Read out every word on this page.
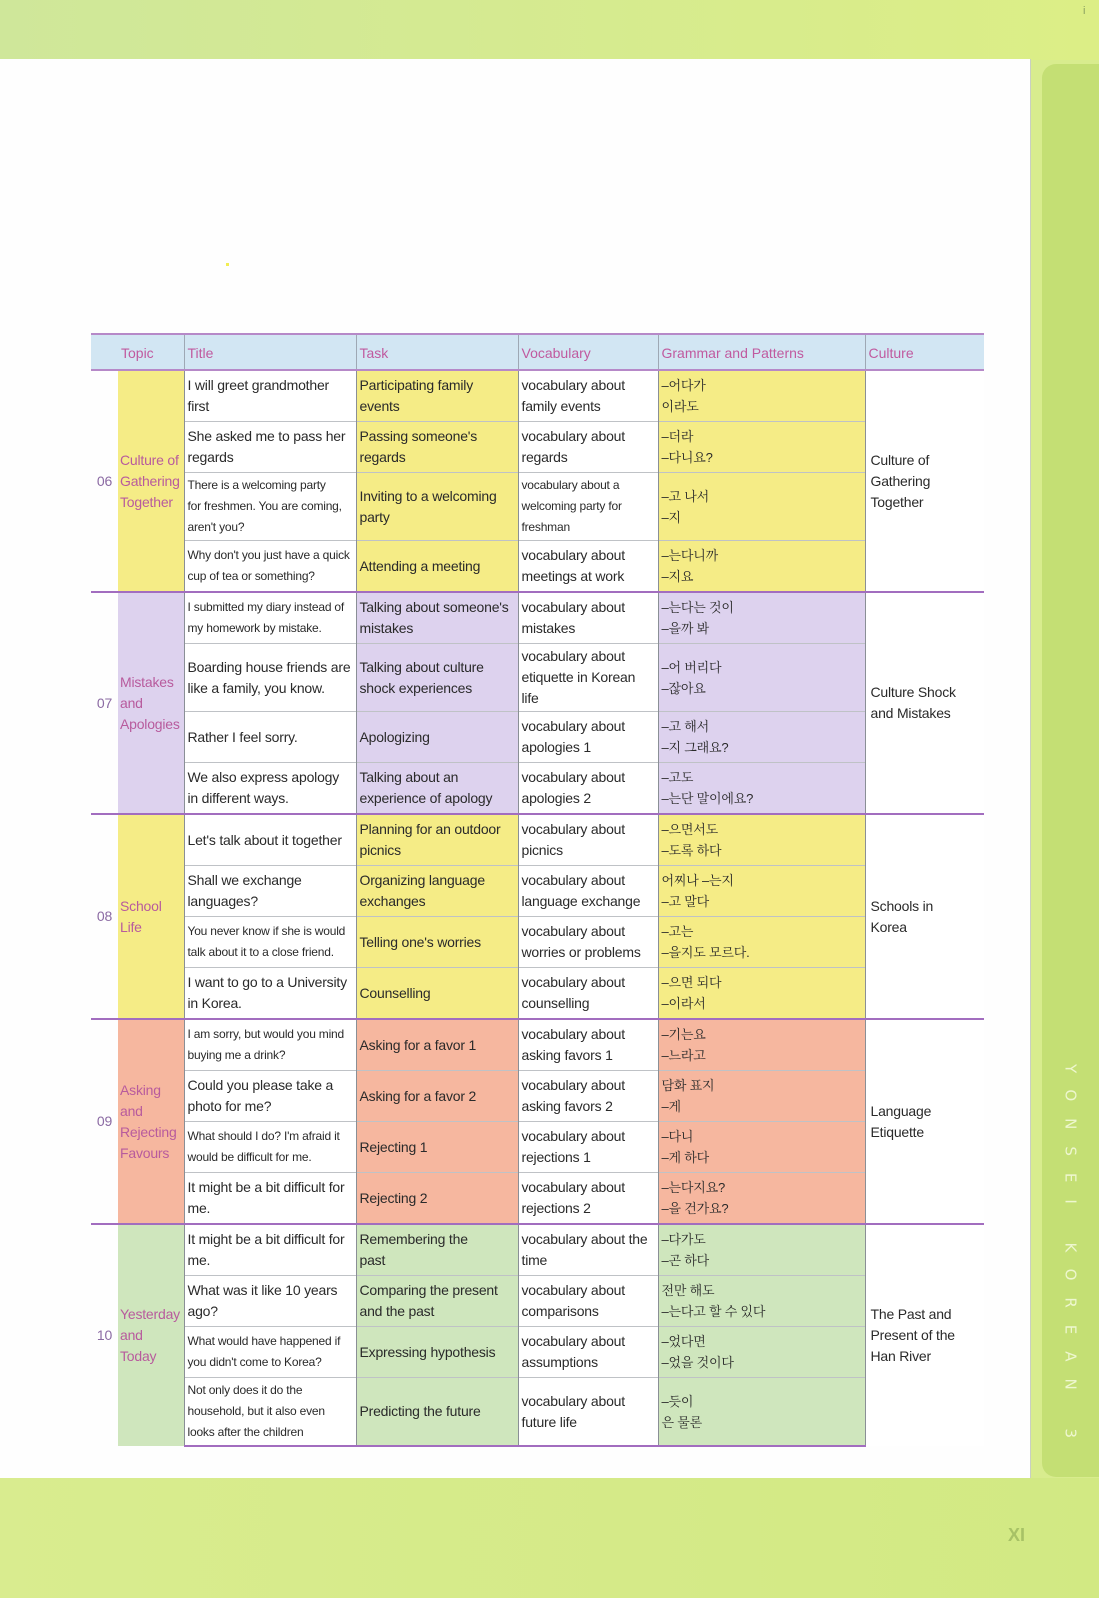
i
YONSEI KOREAN 3
XI
Topic		Title	Task	Vocabulary	Grammar and Patterns	Culture
06	Culture of
Gathering
Together	I will greet grandmother
first	Participating family
events	vocabulary about
family events	–어다가
이라도	Culture of
Gathering
Together
		She asked me to pass her
regards	Passing someone's
regards	vocabulary about
regards	–더라
–다니요?	
		There is a welcoming party
for freshmen. You are coming,
aren't you?	Inviting to a welcoming
party	vocabulary about a
welcoming party for
freshman	–고 나서
–지	
		Why don't you just have a quick
cup of tea or something?	Attending a meeting	vocabulary about
meetings at work	–는다니까
–지요	
07	Mistakes
and
Apologies	I submitted my diary instead of
my homework by mistake.	Talking about someone's
mistakes	vocabulary about
mistakes	–는다는 것이
–을까 봐	Culture Shock
and Mistakes
		Boarding house friends are
like a family, you know.	Talking about culture
shock experiences	vocabulary about
etiquette in Korean life	–어 버리다
–잖아요	
		Rather I feel sorry.	Apologizing	vocabulary about
apologies 1	–고 해서
–지 그래요?	
		We also express apology
in different ways.	Talking about an
experience of apology	vocabulary about
apologies 2	–고도
–는단 말이에요?	
08	School
Life	Let's talk about it together	Planning for an outdoor
picnics	vocabulary about
picnics	–으면서도
–도록 하다	Schools in
Korea
		Shall we exchange
languages?	Organizing language
exchanges	vocabulary about
language exchange	어찌나 –는지
–고 말다	
		You never know if she is would
talk about it to a close friend.	Telling one's worries	vocabulary about
worries or problems	–고는
–을지도 모르다.	
		I want to go to a University
in Korea.	Counselling	vocabulary about
counselling	–으면 되다
–이라서	
09	Asking
and
Rejecting
Favours	I am sorry, but would you mind
buying me a drink?	Asking for a favor 1	vocabulary about
asking favors 1	–기는요
–느라고	Language
Etiquette
		Could you please take a
photo for me?	Asking for a favor 2	vocabulary about
asking favors 2	담화 표지
–게	
		What should I do? I'm afraid it
would be difficult for me.	Rejecting 1	vocabulary about
rejections 1	–다니
–게 하다	
		It might be a bit difficult for
me.	Rejecting 2	vocabulary about
rejections 2	–는다지요?
–을 건가요?	
10	Yesterday
and
Today	It might be a bit difficult for
me.	Remembering the
past	vocabulary about the
time	–다가도
–곤 하다	The Past and
Present of the
Han River
		What was it like 10 years
ago?	Comparing the present
and the past	vocabulary about
comparisons	전만 해도
–는다고 할 수 있다	
		What would have happened if
you didn't come to Korea?	Expressing hypothesis	vocabulary about
assumptions	–었다면
–었을 것이다	
		Not only does it do the
household, but it also even
looks after the children	Predicting the future	vocabulary about
future life	–듯이
은 물론	
